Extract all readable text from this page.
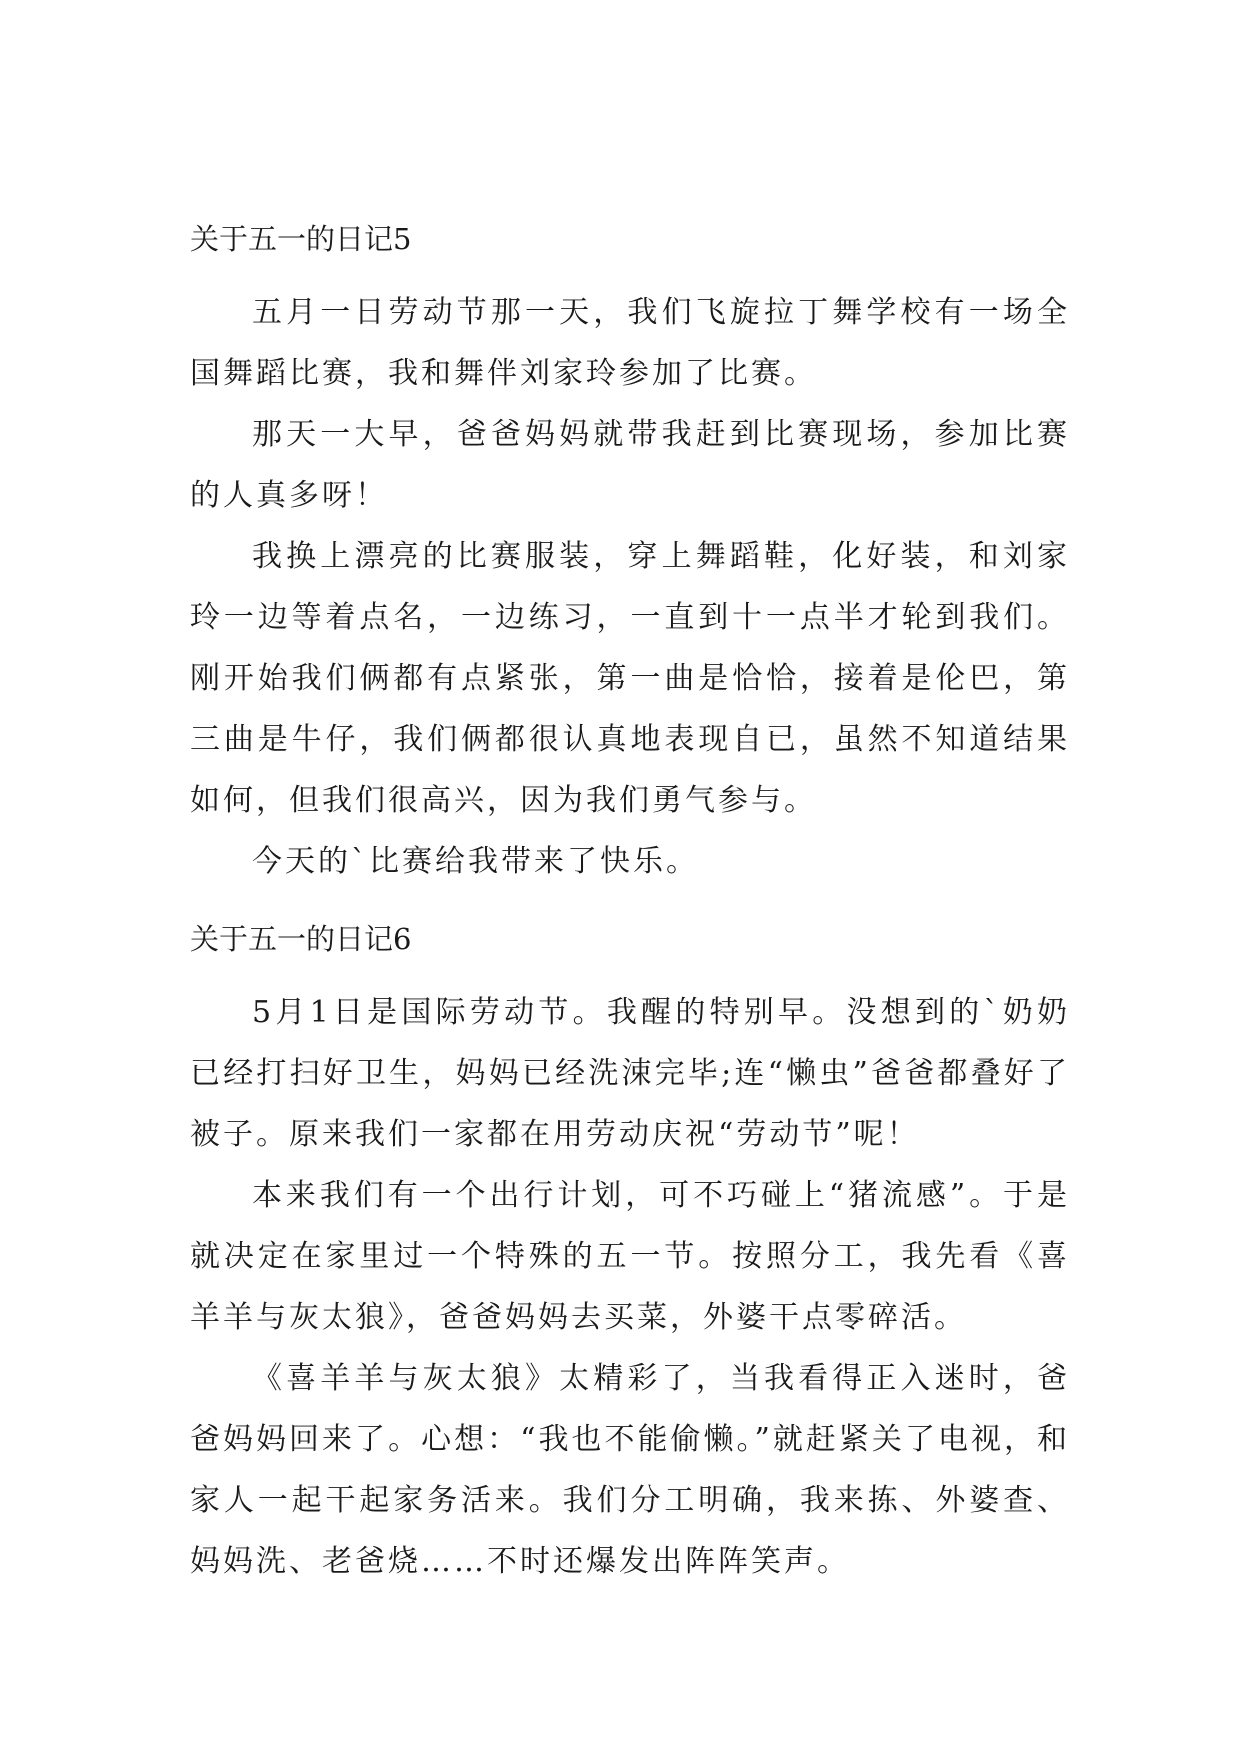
关于五一的日记5

五月一日劳动节那一天，我们飞旋拉丁舞学校有一场全国舞蹈比赛，我和舞伴刘家玲参加了比赛。

那天一大早，爸爸妈妈就带我赶到比赛现场，参加比赛的人真多呀！

我换上漂亮的比赛服装，穿上舞蹈鞋，化好装，和刘家玲一边等着点名，一边练习，一直到十一点半才轮到我们。刚开始我们俩都有点紧张，第一曲是恰恰，接着是伦巴，第三曲是牛仔，我们俩都很认真地表现自已，虽然不知道结果如何，但我们很高兴，因为我们勇气参与。

今天的`比赛给我带来了快乐。

关于五一的日记6

5月1日是国际劳动节。我醒的特别早。没想到的`奶奶已经打扫好卫生，妈妈已经洗涑完毕;连“懒虫”爸爸都叠好了被子。原来我们一家都在用劳动庆祝“劳动节”呢！

本来我们有一个出行计划，可不巧碰上“猪流感”。于是就决定在家里过一个特殊的五一节。按照分工，我先看《喜羊羊与灰太狼》，爸爸妈妈去买菜，外婆干点零碎活。

《喜羊羊与灰太狼》太精彩了，当我看得正入迷时，爸爸妈妈回来了。心想：“我也不能偷懒。”就赶紧关了电视，和家人一起干起家务活来。我们分工明确，我来拣、外婆查、妈妈洗、老爸烧……不时还爆发出阵阵笑声。
